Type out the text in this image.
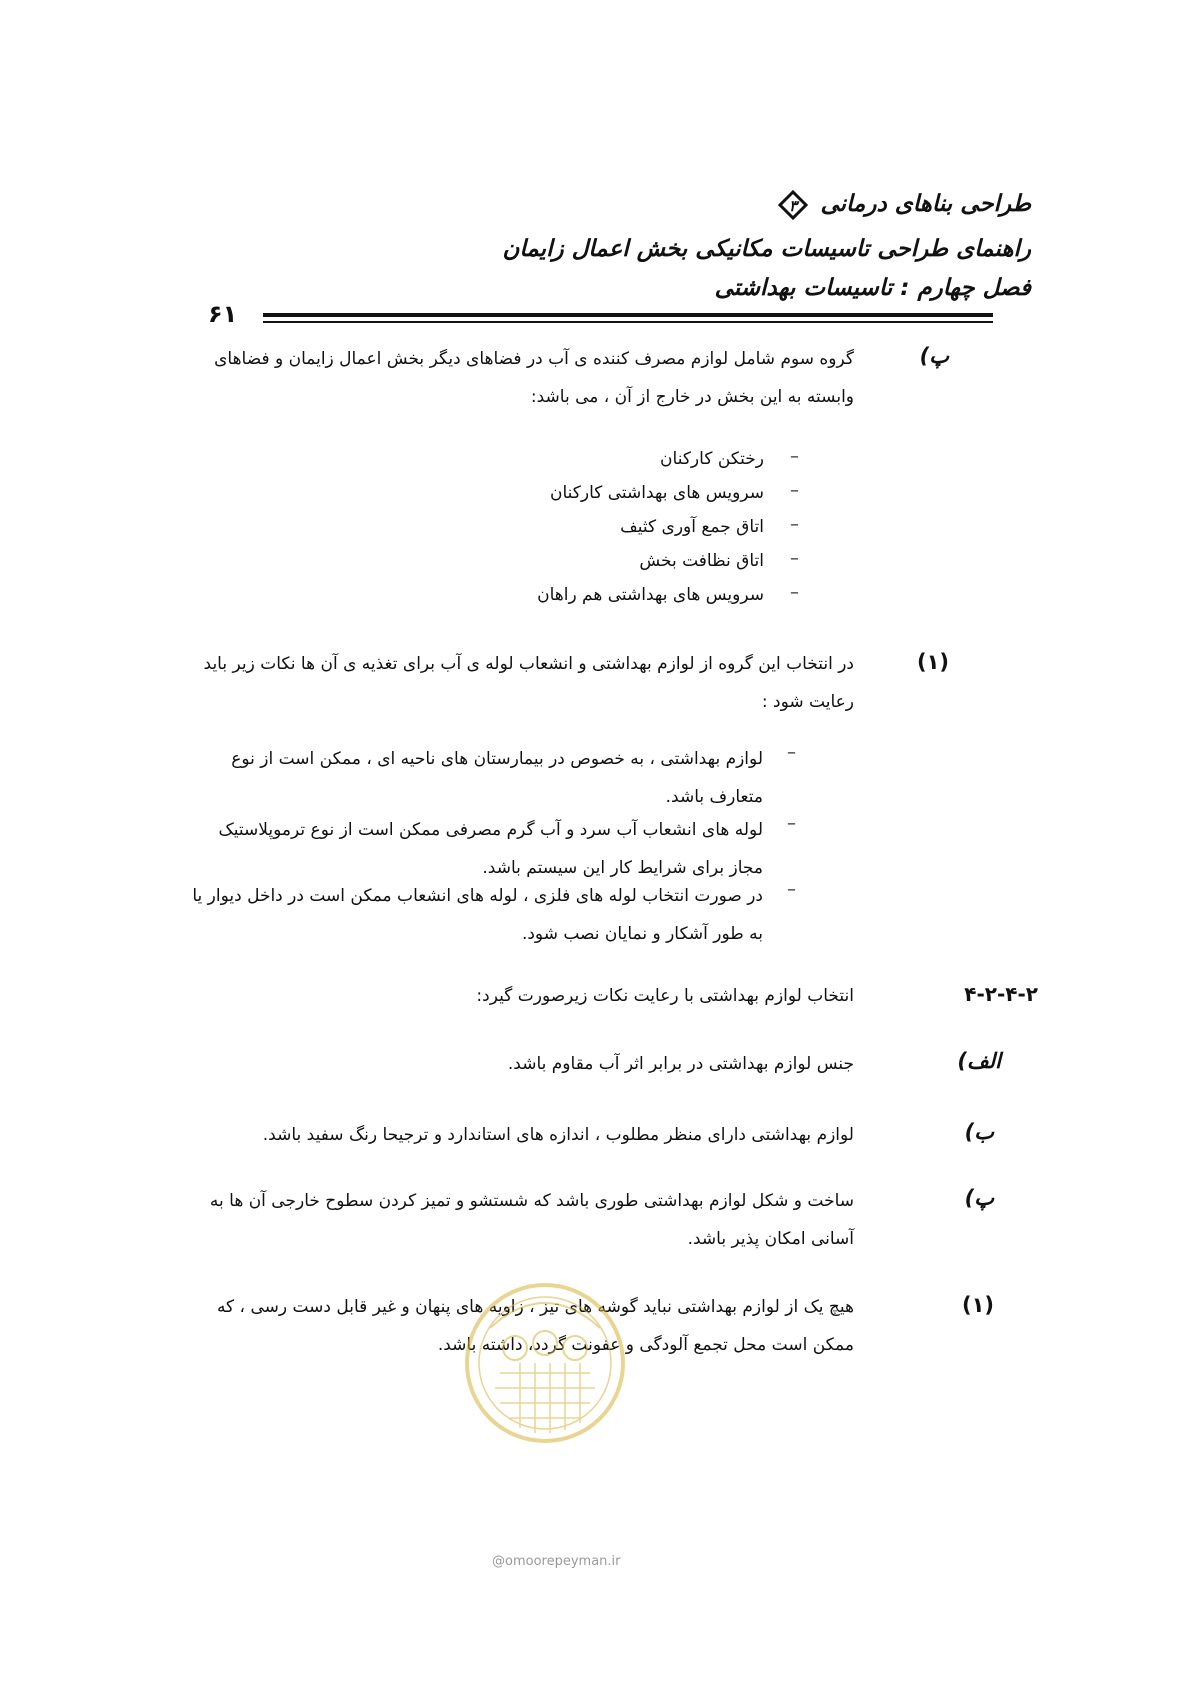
طراحی بناهای درمانی
۳
راهنمای طراحی تاسیسات مکانیکی بخش اعمال زایمان
فصل چهارم : تاسیسات بهداشتی
۶۱
پ)
گروه سوم شامل لوازم مصرف کننده ی آب در فضاهای دیگر بخش اعمال زایمان و فضاهای وابسته به این بخش در خارج از آن ، می باشد:
–
رختکن کارکنان
–
سرویس های بهداشتی کارکنان
–
اتاق جمع آوری کثیف
–
اتاق نظافت بخش
–
سرویس های بهداشتی هم راهان
(۱)
در انتخاب این گروه از لوازم بهداشتی و انشعاب لوله ی آب برای تغذیه ی آن ها نکات زیر باید رعایت شود :
–
لوازم بهداشتی ، به خصوص در بیمارستان های ناحیه ای ، ممکن است از نوع متعارف باشد.
–
لوله های انشعاب آب سرد و آب گرم مصرفی ممکن است از نوع ترموپلاستیک مجاز برای شرایط کار این سیستم باشد.
–
در صورت انتخاب لوله های فلزی ، لوله های انشعاب ممکن است در داخل دیوار یا به طور آشکار و نمایان نصب شود.
۴-۲-۴-۲
انتخاب لوازم بهداشتی با رعایت نکات زیرصورت گیرد:
الف)
جنس لوازم بهداشتی در برابر اثر آب مقاوم باشد.
ب)
لوازم بهداشتی دارای منظر مطلوب ، اندازه های استاندارد و ترجیحا رنگ سفید باشد.
پ)
ساخت و شکل لوازم بهداشتی طوری باشد که شستشو و تمیز کردن سطوح خارجی آن ها به آسانی امکان پذیر باشد.
(۱)
هیچ یک از لوازم بهداشتی نباید گوشه های تیز ، زاویه های پنهان و غیر قابل دست رسی ، که ممکن است محل تجمع آلودگی و عفونت گردد، داشته باشد.
@omoorepeyman.ir
